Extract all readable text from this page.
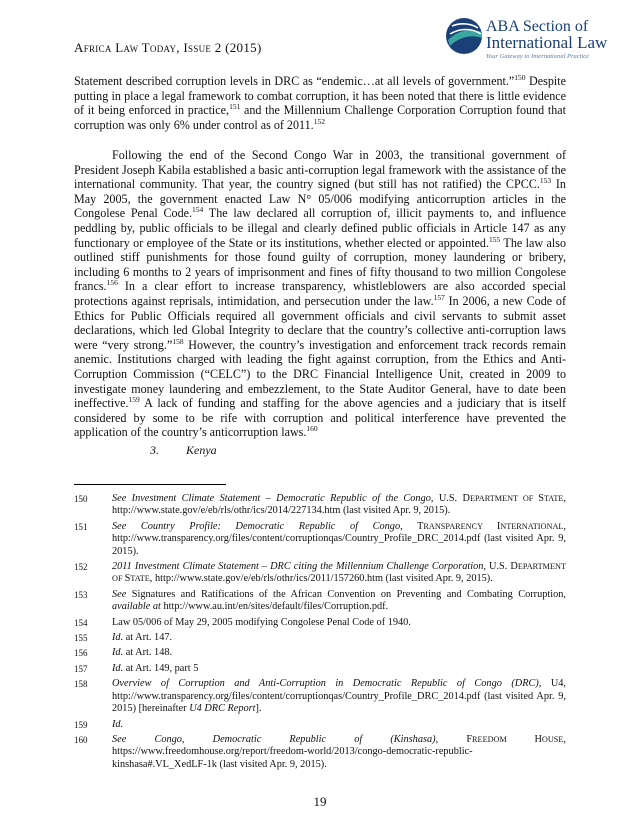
Africa Law Today, Issue 2 (2015)
ABA Section of
International Law
Your Gateway to International Practice
Statement described corruption levels in DRC as “endemic…at all levels of government.”$^{150}$ Despite putting in place a legal framework to combat corruption, it has been noted that there is little evidence of it being enforced in practice,$^{151}$ and the Millennium Challenge Corporation Corruption found that corruption was only 6% under control as of 2011.$^{152}$
Following the end of the Second Congo War in 2003, the transitional government of President Joseph Kabila established a basic anti-corruption legal framework with the assistance of the international community. That year, the country signed (but still has not ratified) the CPCC.$^{153}$ In May 2005, the government enacted Law N° 05/006 modifying anticorruption articles in the Congolese Penal Code.$^{154}$ The law declared all corruption of, illicit payments to, and influence peddling by, public officials to be illegal and clearly defined public officials in Article 147 as any functionary or employee of the State or its institutions, whether elected or appointed.$^{155}$ The law also outlined stiff punishments for those found guilty of corruption, money laundering or bribery, including 6 months to 2 years of imprisonment and fines of fifty thousand to two million Congolese francs.$^{156}$ In a clear effort to increase transparency, whistleblowers are also accorded special protections against reprisals, intimidation, and persecution under the law.$^{157}$ In 2006, a new Code of Ethics for Public Officials required all government officials and civil servants to submit asset declarations, which led Global Integrity to declare that the country’s collective anti-corruption laws were “very strong.”$^{158}$ However, the country’s investigation and enforcement track records remain anemic. Institutions charged with leading the fight against corruption, from the Ethics and Anti-Corruption Commission (“CELC”) to the DRC Financial Intelligence Unit, created in 2009 to investigate money laundering and embezzlement, to the State Auditor General, have to date been ineffective.$^{159}$ A lack of funding and staffing for the above agencies and a judiciary that is itself considered by some to be rife with corruption and political interference have prevented the application of the country’s anticorruption laws.$^{160}$
3. Kenya
150 See Investment Climate Statement – Democratic Republic of the Congo, U.S. DEPARTMENT OF STATE, http://www.state.gov/e/eb/rls/othr/ics/2014/227134.htm (last visited Apr. 9, 2015).
151 See Country Profile: Democratic Republic of Congo, TRANSPARENCY INTERNATIONAL, http://www.transparency.org/files/content/corruptionqas/Country_Profile_DRC_2014.pdf (last visited Apr. 9, 2015).
152 2011 Investment Climate Statement – DRC citing the Millennium Challenge Corporation, U.S. DEPARTMENT OF STATE, http://www.state.gov/e/eb/rls/othr/ics/2011/157260.htm (last visited Apr. 9, 2015).
153 See Signatures and Ratifications of the African Convention on Preventing and Combating Corruption, available at http://www.au.int/en/sites/default/files/Corruption.pdf.
154 Law 05/006 of May 29, 2005 modifying Congolese Penal Code of 1940.
155 Id. at Art. 147.
156 Id. at Art. 148.
157 Id. at Art. 149, part 5
158 Overview of Corruption and Anti-Corruption in Democratic Republic of Congo (DRC), U4, http://www.transparency.org/files/content/corruptionqas/Country_Profile_DRC_2014.pdf (last visited Apr. 9, 2015) [hereinafter U4 DRC Report].
159 Id.
160 See Congo, Democratic Republic of (Kinshasa), FREEDOM HOUSE, https://www.freedomhouse.org/report/freedom-world/2013/congo-democratic-republic-kinshasa#.VL_XedLF-1k (last visited Apr. 9, 2015).
19
